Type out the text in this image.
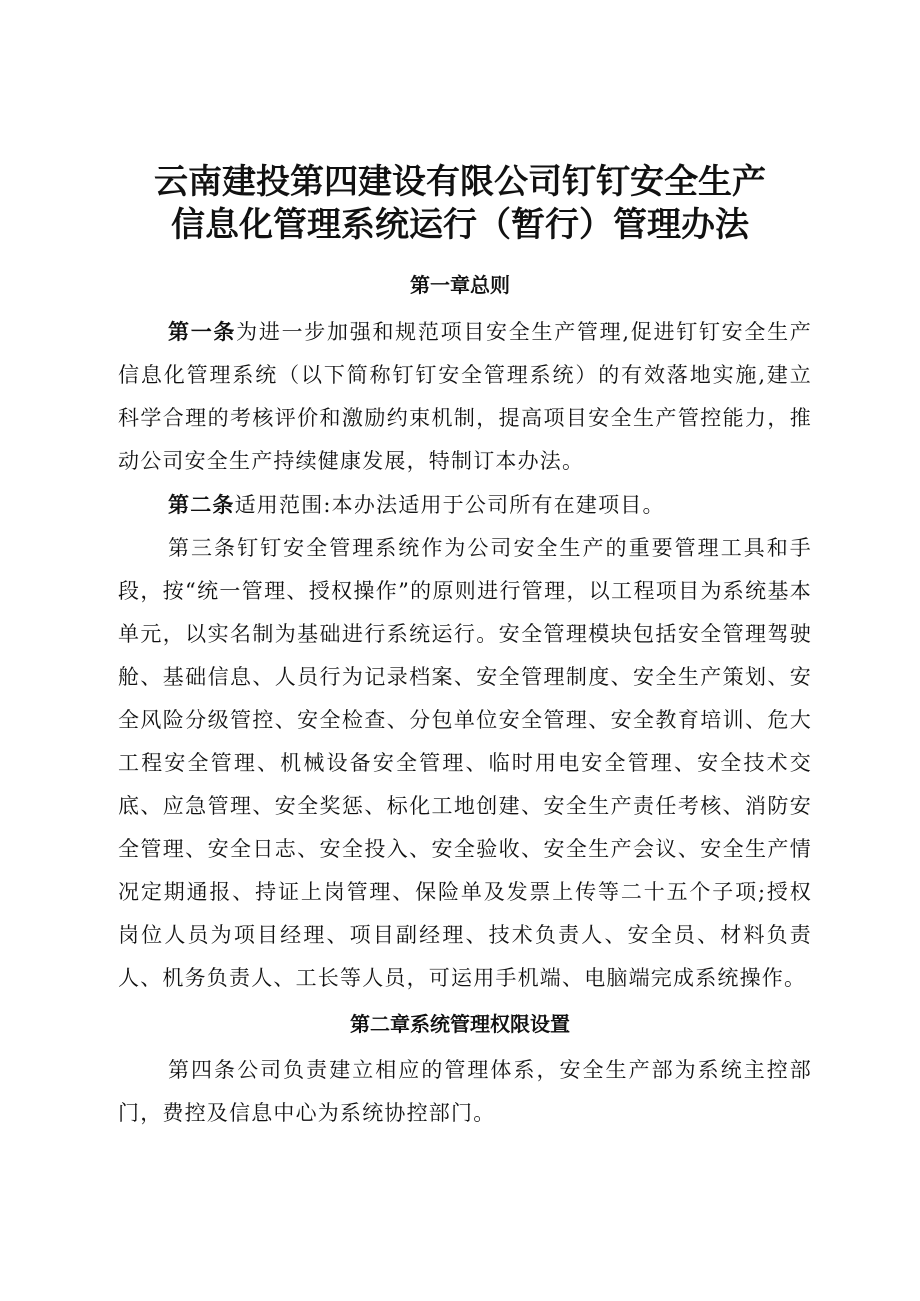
云南建投第四建设有限公司钉钉安全生产
信息化管理系统运行（暂行）管理办法
第一章总则

第一条为进一步加强和规范项目安全生产管理,促进钉钉安全生产信息化管理系统（以下简称钉钉安全管理系统）的有效落地实施,建立科学合理的考核评价和激励约束机制，提高项目安全生产管控能力，推动公司安全生产持续健康发展，特制订本办法。

第二条适用范围:本办法适用于公司所有在建项目。

第三条钉钉安全管理系统作为公司安全生产的重要管理工具和手段，按“统一管理、授权操作”的原则进行管理，以工程项目为系统基本单元，以实名制为基础进行系统运行。安全管理模块包括安全管理驾驶舱、基础信息、人员行为记录档案、安全管理制度、安全生产策划、安全风险分级管控、安全检查、分包单位安全管理、安全教育培训、危大工程安全管理、机械设备安全管理、临时用电安全管理、安全技术交底、应急管理、安全奖惩、标化工地创建、安全生产责任考核、消防安全管理、安全日志、安全投入、安全验收、安全生产会议、安全生产情况定期通报、持证上岗管理、保险单及发票上传等二十五个子项;授权岗位人员为项目经理、项目副经理、技术负责人、安全员、材料负责人、机务负责人、工长等人员，可运用手机端、电脑端完成系统操作。

第二章系统管理权限设置

第四条公司负责建立相应的管理体系，安全生产部为系统主控部门，费控及信息中心为系统协控部门。
